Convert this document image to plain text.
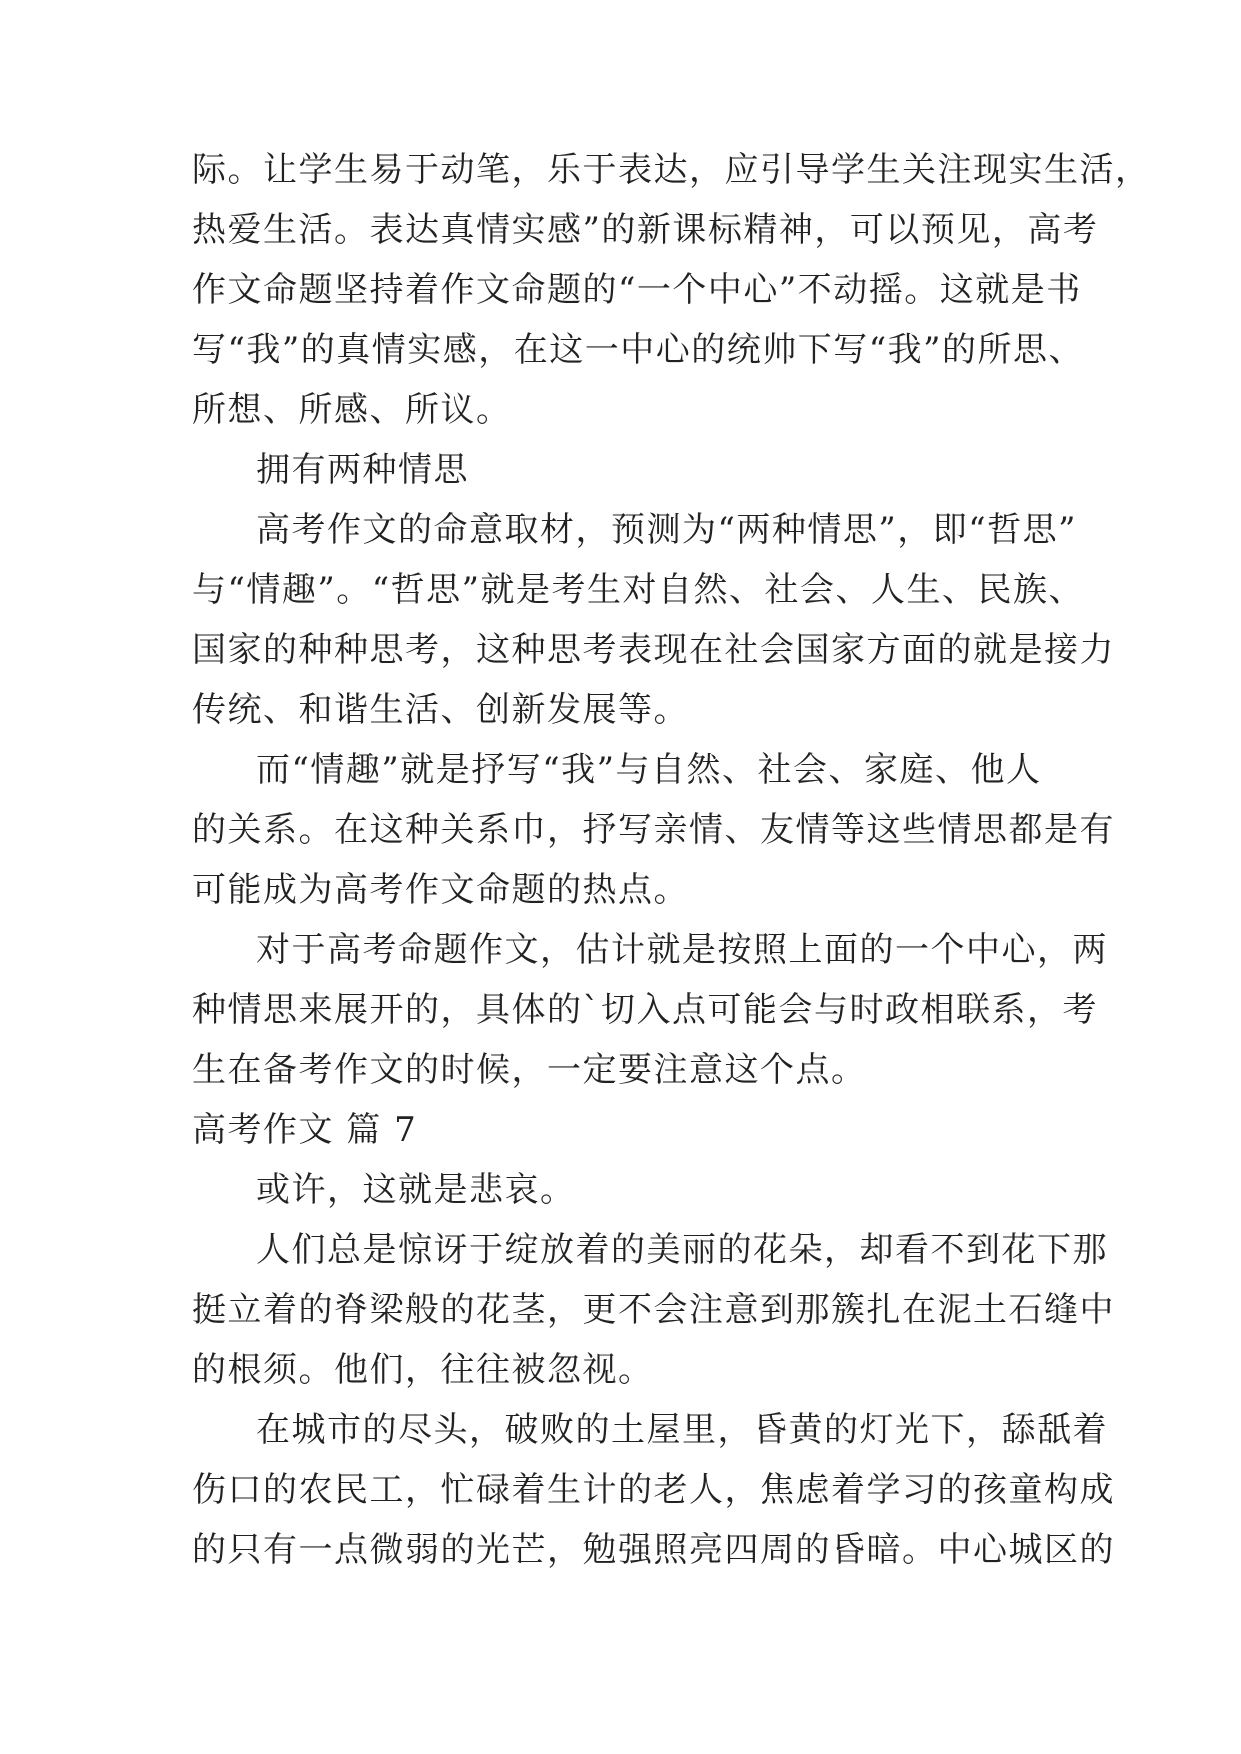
际。让学生易于动笔，乐于表达，应引导学生关注现实生活，
热爱生活。表达真情实感”的新课标精神，可以预见，高考
作文命题坚持着作文命题的“一个中心”不动摇。这就是书
写“我”的真情实感，在这一中心的统帅下写“我”的所思、
所想、所感、所议。
拥有两种情思
高考作文的命意取材，预测为“两种情思”，即“哲思”
与“情趣”。“哲思”就是考生对自然、社会、人生、民族、
国家的种种思考，这种思考表现在社会国家方面的就是接力
传统、和谐生活、创新发展等。
而“情趣”就是抒写“我”与自然、社会、家庭、他人
的关系。在这种关系巾，抒写亲情、友情等这些情思都是有
可能成为高考作文命题的热点。
对于高考命题作文，估计就是按照上面的一个中心，两
种情思来展开的，具体的`切入点可能会与时政相联系，考
生在备考作文的时候，一定要注意这个点。
高考作文 篇 7
或许，这就是悲哀。
人们总是惊讶于绽放着的美丽的花朵，却看不到花下那
挺立着的脊梁般的花茎，更不会注意到那簇扎在泥土石缝中
的根须。他们，往往被忽视。
在城市的尽头，破败的土屋里，昏黄的灯光下，舔舐着
伤口的农民工，忙碌着生计的老人，焦虑着学习的孩童构成
的只有一点微弱的光芒，勉强照亮四周的昏暗。中心城区的
